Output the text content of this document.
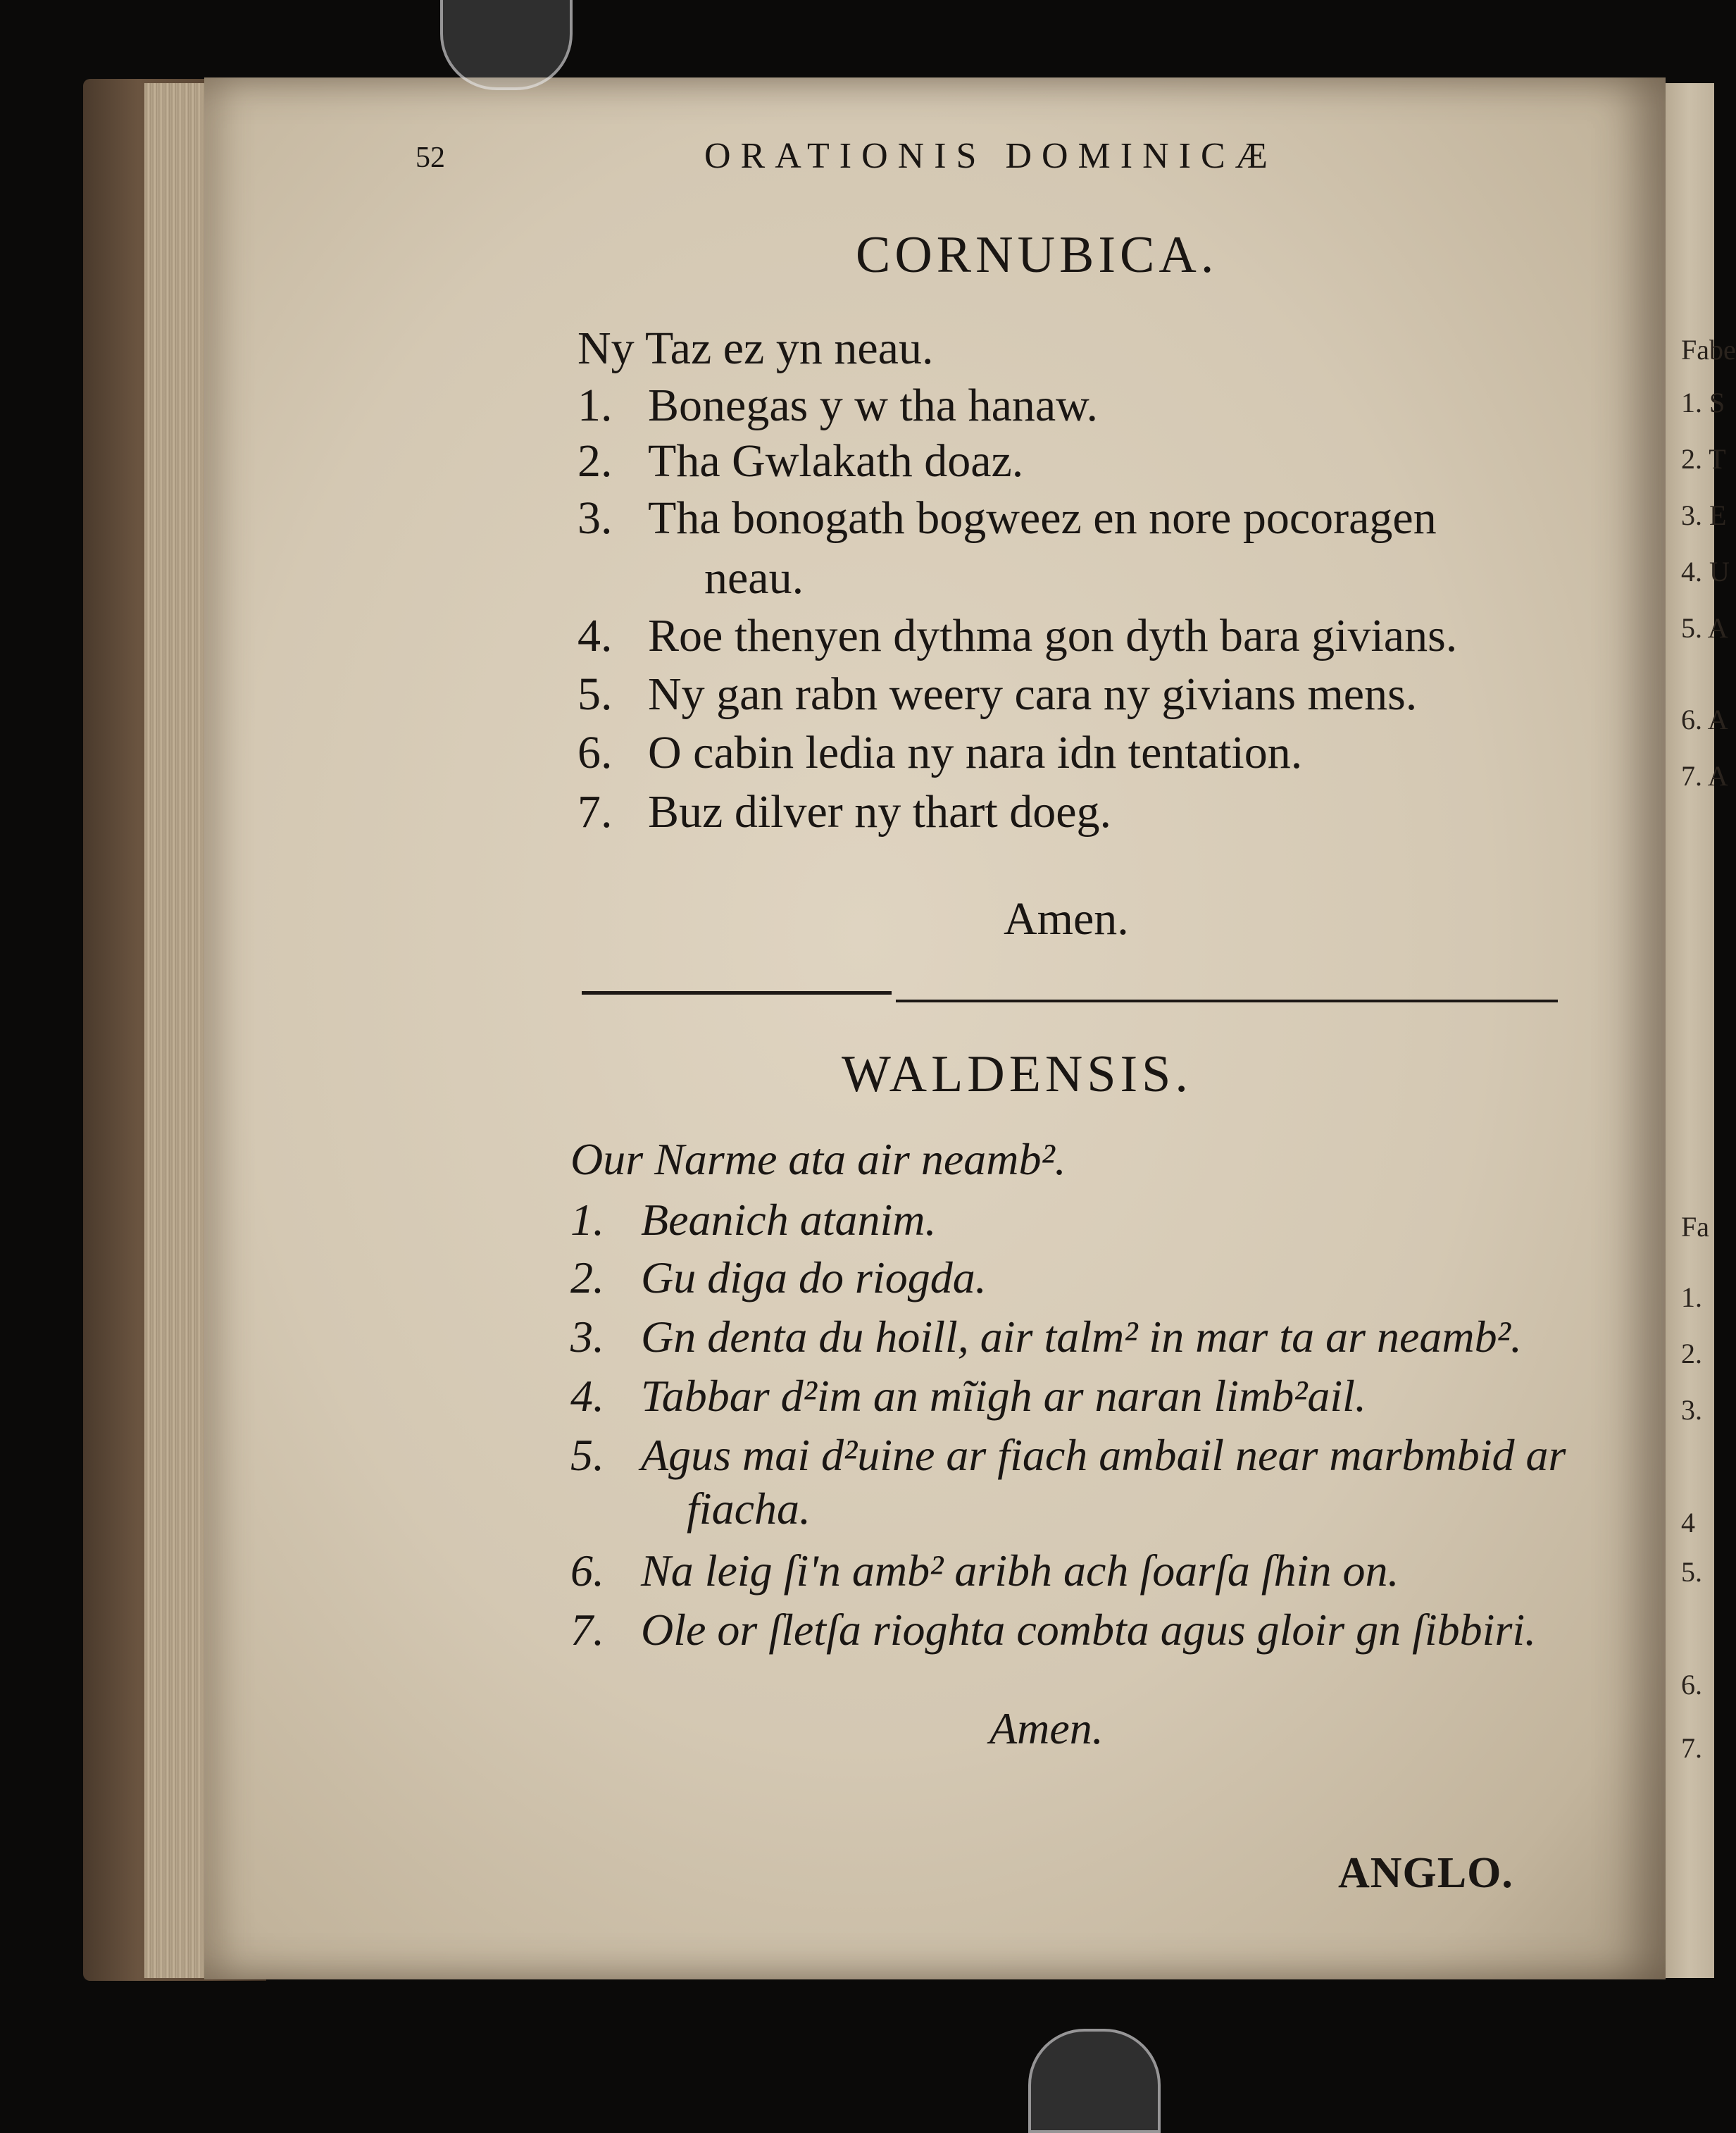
Fabe
1. S
2. T
3. E
4. U
5. A
6. A
7. A
Fa
1.
2.
3.
4
5.
6.
7.
52	ORATIONIS DOMINICÆ
CORNUBICA.
Ny Taz ez yn neau.
1. Bonegas y w tha hanaw.
2. Tha Gwlakath doaz.
3. Tha bonogath bogweez en nore pocoragen
neau.
4. Roe thenyen dythma gon dyth bara givians.
5. Ny gan rabn weery cara ny givians mens.
6. O cabin ledia ny nara idn tentation.
7. Buz dilver ny thart doeg.
Amen.
WALDENSIS.
Our Narme ata air neamb².
1. Beanich atanim.
2. Gu diga do riogda.
3. Gn denta du hoill, air talm² in mar ta ar neamb².
4. Tabbar d²im an mĩigh ar naran limb²ail.
5. Agus mai d²uine ar fiach ambail near marbmbid ar
fiacha.
6. Na leig ſi'n amb² aribh ach ſoarſa ſhin on.
7. Ole or ſletſa rioghta combta agus gloir gn ſibbiri.
Amen.
ANGLO.
